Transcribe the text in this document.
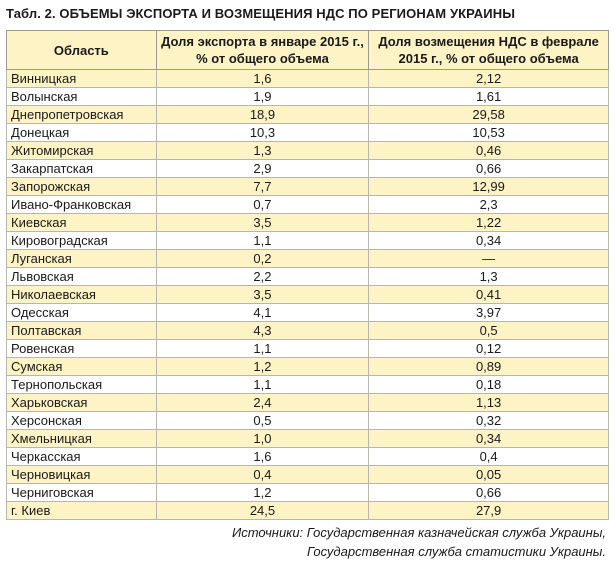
Табл. 2. ОБЪЕМЫ ЭКСПОРТА И ВОЗМЕЩЕНИЯ НДС ПО РЕГИОНАМ УКРАИНЫ
Область	Доля экспорта в январе 2015 г., % от общего объема	Доля возмещения НДС в феврале 2015 г., % от общего объема
Винницкая	1,6	2,12
Волынская	1,9	1,61
Днепропетровская	18,9	29,58
Донецкая	10,3	10,53
Житомирская	1,3	0,46
Закарпатская	2,9	0,66
Запорожская	7,7	12,99
Ивано-Франковская	0,7	2,3
Киевская	3,5	1,22
Кировоградская	1,1	0,34
Луганская	0,2	—
Львовская	2,2	1,3
Николаевская	3,5	0,41
Одесская	4,1	3,97
Полтавская	4,3	0,5
Ровенская	1,1	0,12
Сумская	1,2	0,89
Тернопольская	1,1	0,18
Харьковская	2,4	1,13
Херсонская	0,5	0,32
Хмельницкая	1,0	0,34
Черкасская	1,6	0,4
Черновицкая	0,4	0,05
Черниговская	1,2	0,66
г. Киев	24,5	27,9
Источники: Государственная казначейская служба Украины,
Государственная служба статистики Украины.
